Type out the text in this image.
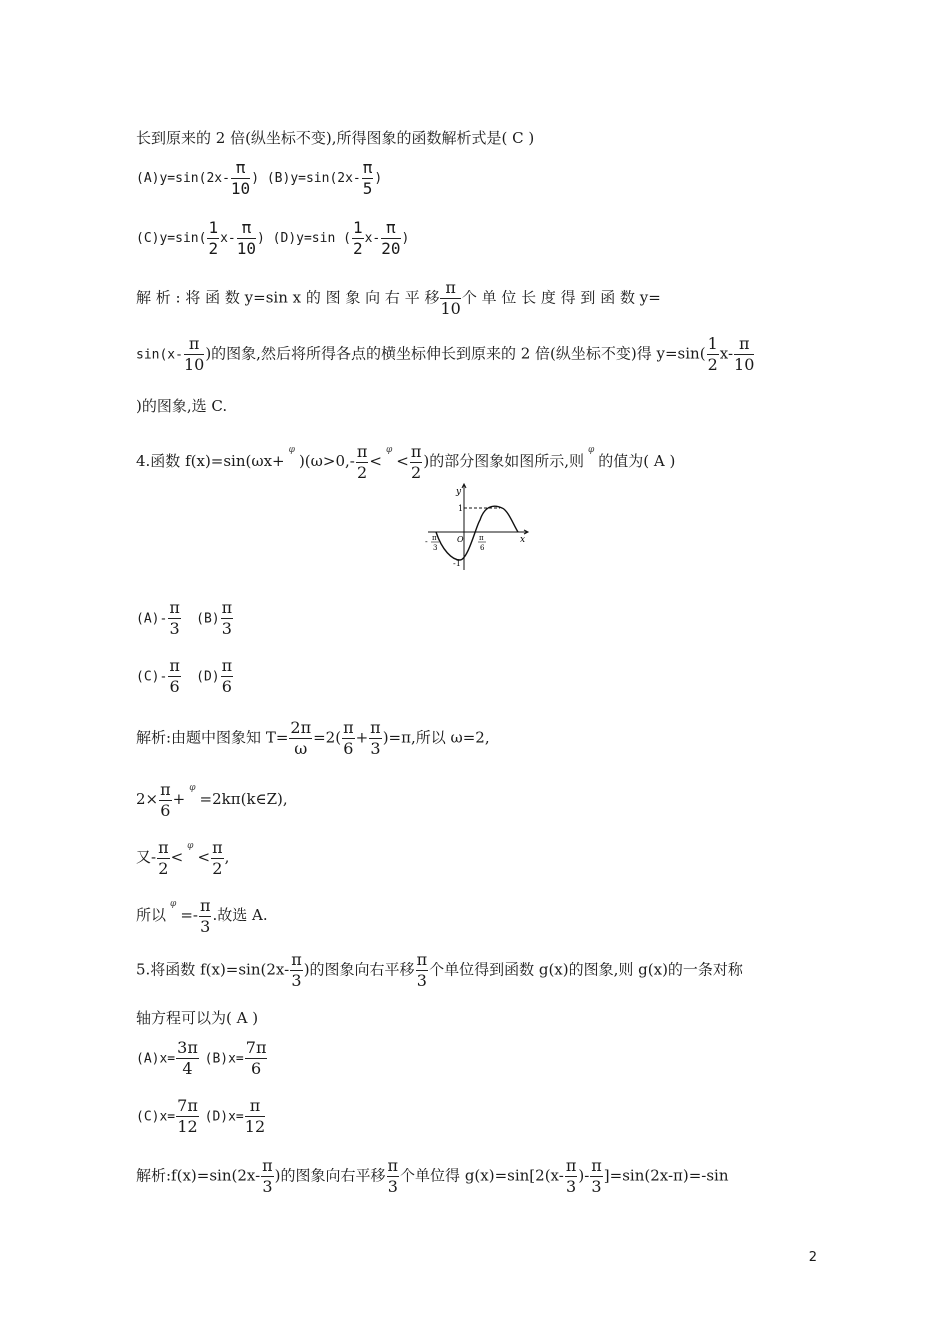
长到原来的 2 倍(纵坐标不变),所得图象的函数解析式是( C )
$(A)y=\sin(2x- \frac{\pi}{10}$ ) $(B)y=\sin(2x- \frac{\pi}{5}$ )
$(C)y=\sin( \frac{1}{2} x- \frac{\pi}{10}$ ) (D)y=sin ( $\frac{1}{2} x- \frac{\pi}{20}$ )
解 析 : 将 函 数 y=sin x 的 图 象 向 右 平 移 $\frac{\pi}{10}$ 个 单 位 长 度 得 到 函 数 y=
$\sin(x- \frac{\pi}{10}$ )的图象,然后将所得各点的横坐标伸长到原来的 2 倍(纵坐标不变)得 $y=\sin( \frac{1}{2} x- \frac{\pi}{10}$
)的图象,选 C.
4.函数 $f(x)=\sin(\omega x+^\varphi)(\omega>0,- \frac{\pi}{2} <^\varphi< \frac{\pi}{2}$ )的部分图象如图所示,则$^\varphi$的值为( A )
y
x
O
1
-1
- π
3
π
6
$(A)- \frac{\pi}{3} (B) \frac{\pi}{3}$
$(C)- \frac{\pi}{6} (D) \frac{\pi}{6}$
解析:由题中图象知 $T= \frac{2\pi}{\omega} =2( \frac{\pi}{6} + \frac{\pi}{3} )=\pi$,所以 ω=2,
$2\times \frac{\pi}{6}$ +$^\varphi$=2kπ(k∈Z),
又- $\frac{\pi}{2} <^\varphi< \frac{\pi}{2}$ ,
所以$^\varphi=- \frac{\pi}{3}$ .故选 A.
5.将函数 $f(x)=\sin(2x- \frac{\pi}{3}$ )的图象向右平移 $\frac{\pi}{3}$ 个单位得到函数 g(x)的图象,则 g(x)的一条对称
轴方程可以为( A )
$(A)x= \frac{3\pi}{4} (B)x= \frac{7\pi}{6}$
$(C)x= \frac{7\pi}{12} (D)x= \frac{\pi}{12}$
解析:f(x)=sin(2x- $\frac{\pi}{3}$ )的图象向右平移 $\frac{\pi}{3}$ 个单位得 $g(x)=\sin[2(x- \frac{\pi}{3}$ )- $\frac{\pi}{3} ]=\sin(2x-\pi)=-\sin$
2
